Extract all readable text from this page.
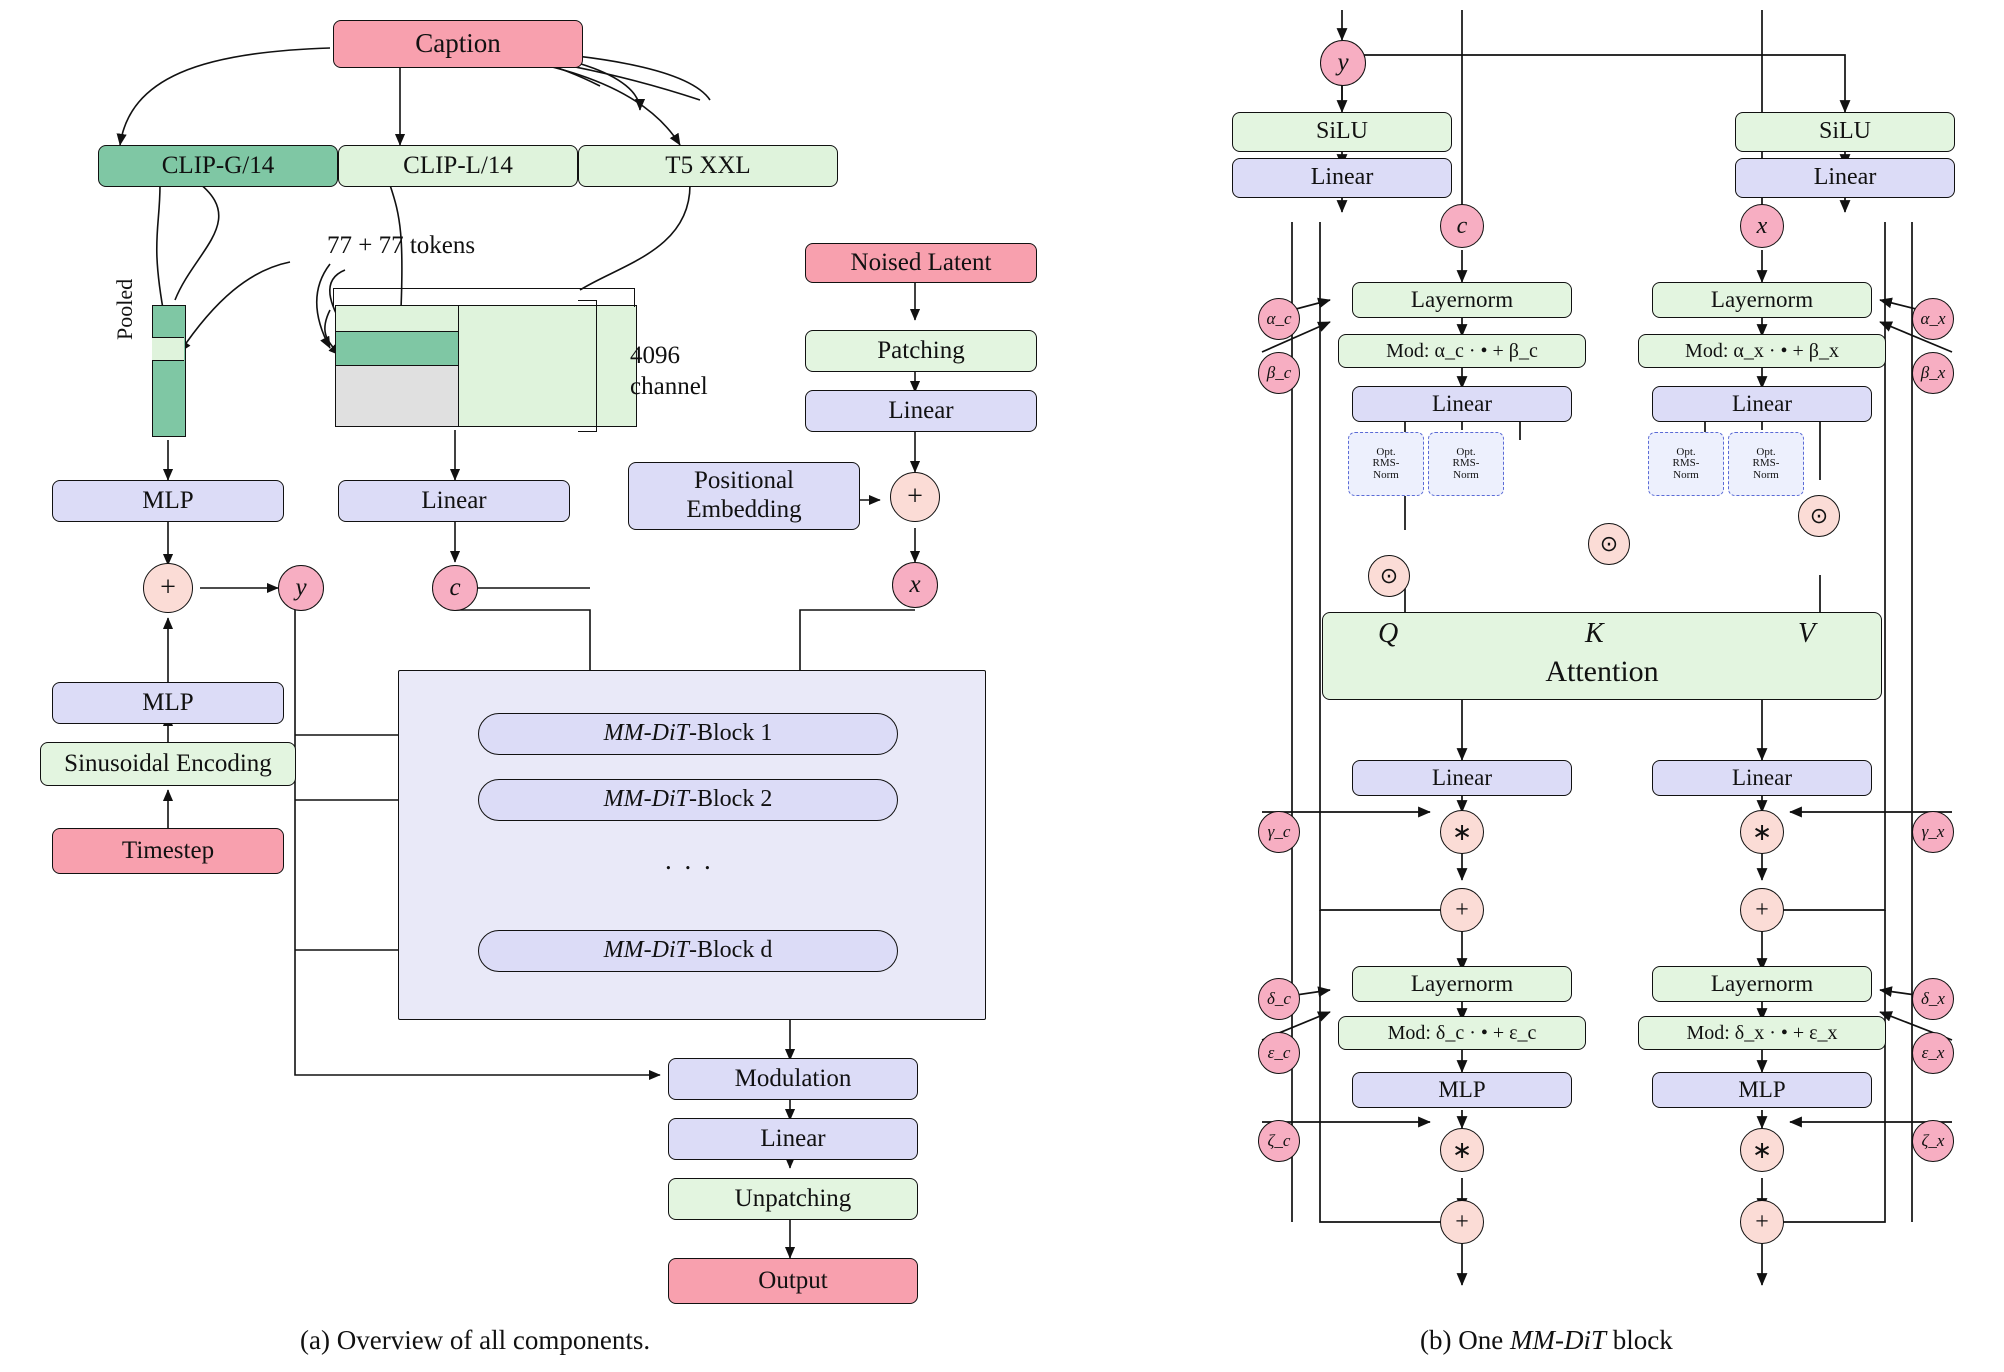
Caption
CLIP-G/14	CLIP-L/14	T5 XXL
77 + 77 tokens
Pooled
4096
channel
Noised Latent
Patching
Linear
Positional
Embedding	+
x
MLP
+	y
MLP
Sinusoidal Encoding
Timestep
Linear
c
MM-DiT -Block 1
MM-DiT -Block 2
. . .
MM-DiT -Block d
Modulation
Linear
Unpatching
Output
(a) Overview of all components.
y
SiLU
Linear
SiLU
Linear
c	x
Layernorm
Mod: α_c · • + β_c
Linear
Layernorm
Mod: α_x · • + β_x
Linear
Opt.
RMS-
Norm
Opt.
RMS-
Norm
Opt.
RMS-
Norm
Opt.
RMS-
Norm
⊙
⊙
⊙
Attention
Q	K	V
Linear	Linear
∗	∗
+	+
Layernorm
Mod: δ_c · • + ε_c
MLP
Layernorm
Mod: δ_x · • + ε_x
MLP
∗	∗
+	+
α_c
β_c
γ_c
δ_c
ε_c
ζ_c
α_x
β_x
γ_x
δ_x
ε_x
ζ_x
(b) One MM-DiT block
